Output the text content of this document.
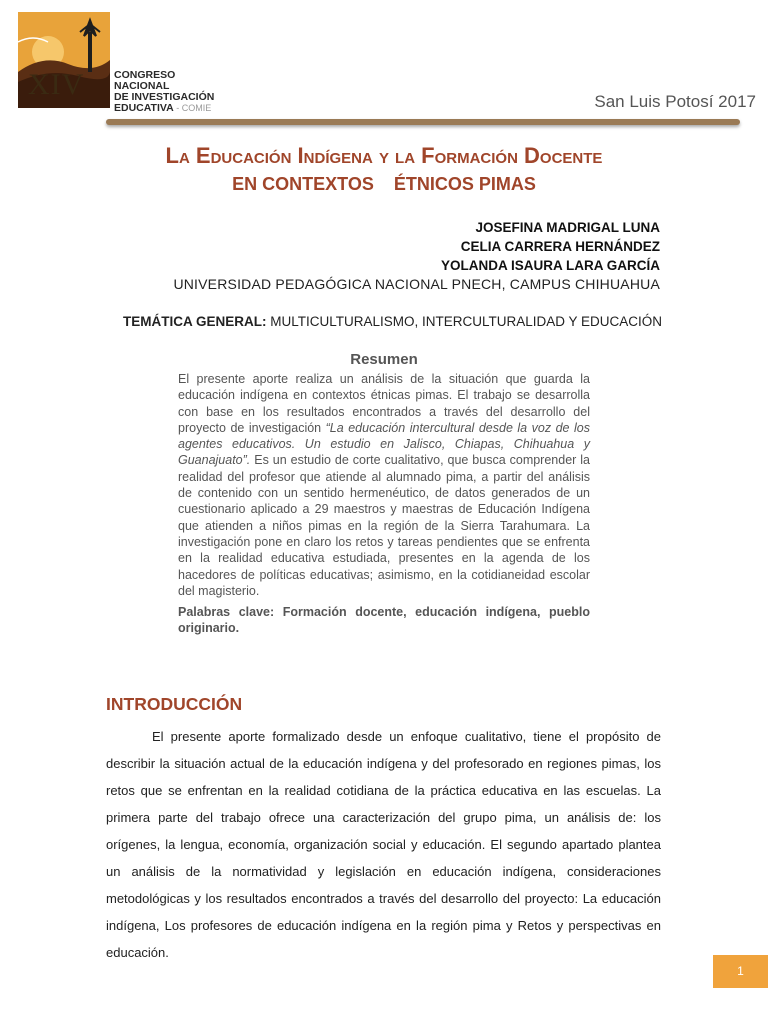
XIV	CONGRESO NACIONAL
DE INVESTIGACIÓN
EDUCATIVA - COMIE	San Luis Potosí 2017
La Educación Indígena y la Formación Docente
EN CONTEXTOS    ÉTNICOS PIMAS
JOSEFINA MADRIGAL LUNA
CELIA CARRERA HERNÁNDEZ
YOLANDA ISAURA LARA GARCÍA
UNIVERSIDAD PEDAGÓGICA NACIONAL PNECH, CAMPUS CHIHUAHUA
TEMÁTICA GENERAL: MULTICULTURALISMO, INTERCULTURALIDAD Y EDUCACIÓN
Resumen
El presente aporte realiza un análisis de la situación que guarda la educación indígena en contextos étnicas pimas. El trabajo se desarrolla con base en los resultados encontrados a través del desarrollo del proyecto de investigación “La educación intercultural desde la voz de los agentes educativos. Un estudio en Jalisco, Chiapas, Chihuahua y Guanajuato”. Es un estudio de corte cualitativo, que busca comprender la realidad del profesor que atiende al alumnado pima, a partir del análisis de contenido con un sentido hermenéutico, de datos generados de un cuestionario aplicado a 29 maestros y maestras de Educación Indígena que atienden a niños pimas en la región de la Sierra Tarahumara. La investigación pone en claro los retos y tareas pendientes que se enfrenta en la realidad educativa estudiada, presentes en la agenda de los hacedores de políticas educativas; asimismo, en la cotidianeidad escolar del magisterio.
Palabras clave: Formación docente, educación indígena, pueblo originario.
INTRODUCCIÓN
El presente aporte formalizado desde un enfoque cualitativo, tiene el propósito de describir la situación actual de la educación indígena y del profesorado en regiones pimas, los retos que se enfrentan en la realidad cotidiana de la práctica educativa en las escuelas. La primera parte del trabajo ofrece una caracterización del grupo pima, un análisis de: los orígenes, la lengua, economía, organización social y educación. El segundo apartado plantea un análisis de la normatividad y legislación en educación indígena, consideraciones metodológicas y los resultados encontrados a través del desarrollo del proyecto: La educación indígena, Los profesores de educación indígena en la región pima y Retos y perspectivas en educación.
1
